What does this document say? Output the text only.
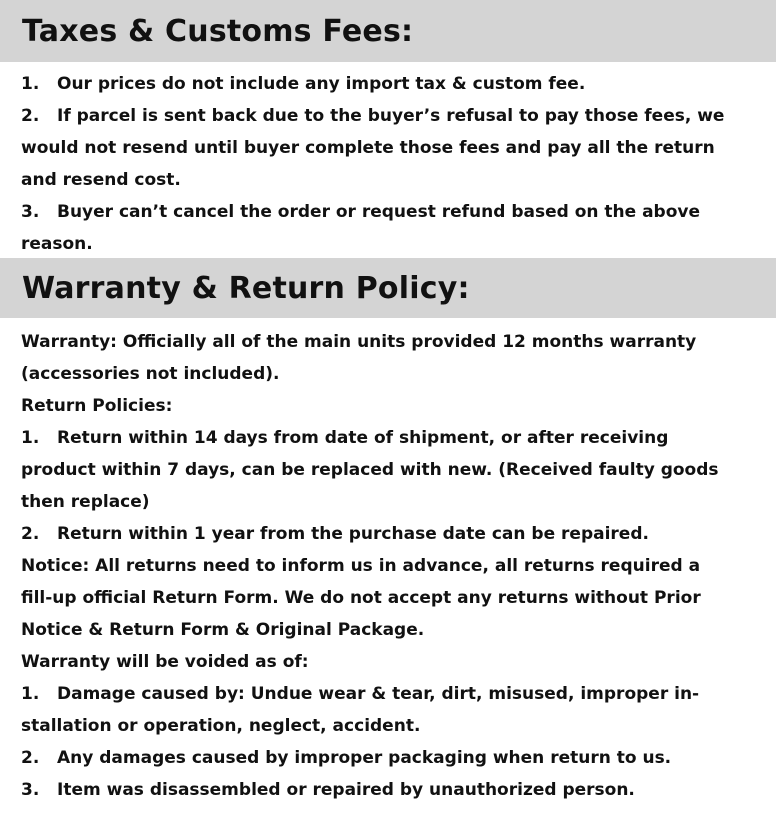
Taxes & Customs Fees:
1. Our prices do not include any import tax & custom fee.
2. If parcel is sent back due to the buyer’s refusal to pay those fees, we
would not resend until buyer complete those fees and pay all the return
and resend cost.
3. Buyer can’t cancel the order or request refund based on the above
reason.
Warranty & Return Policy:
Warranty: Officially all of the main units provided 12 months warranty
(accessories not included).
Return Policies:
1. Return within 14 days from date of shipment, or after receiving
product within 7 days, can be replaced with new. (Received faulty goods
then replace)
2. Return within 1 year from the purchase date can be repaired.
Notice: All returns need to inform us in advance, all returns required a
fill-up official Return Form. We do not accept any returns without Prior
Notice & Return Form & Original Package.
Warranty will be voided as of:
1. Damage caused by: Undue wear & tear, dirt, misused, improper in-
stallation or operation, neglect, accident.
2. Any damages caused by improper packaging when return to us.
3. Item was disassembled or repaired by unauthorized person.
